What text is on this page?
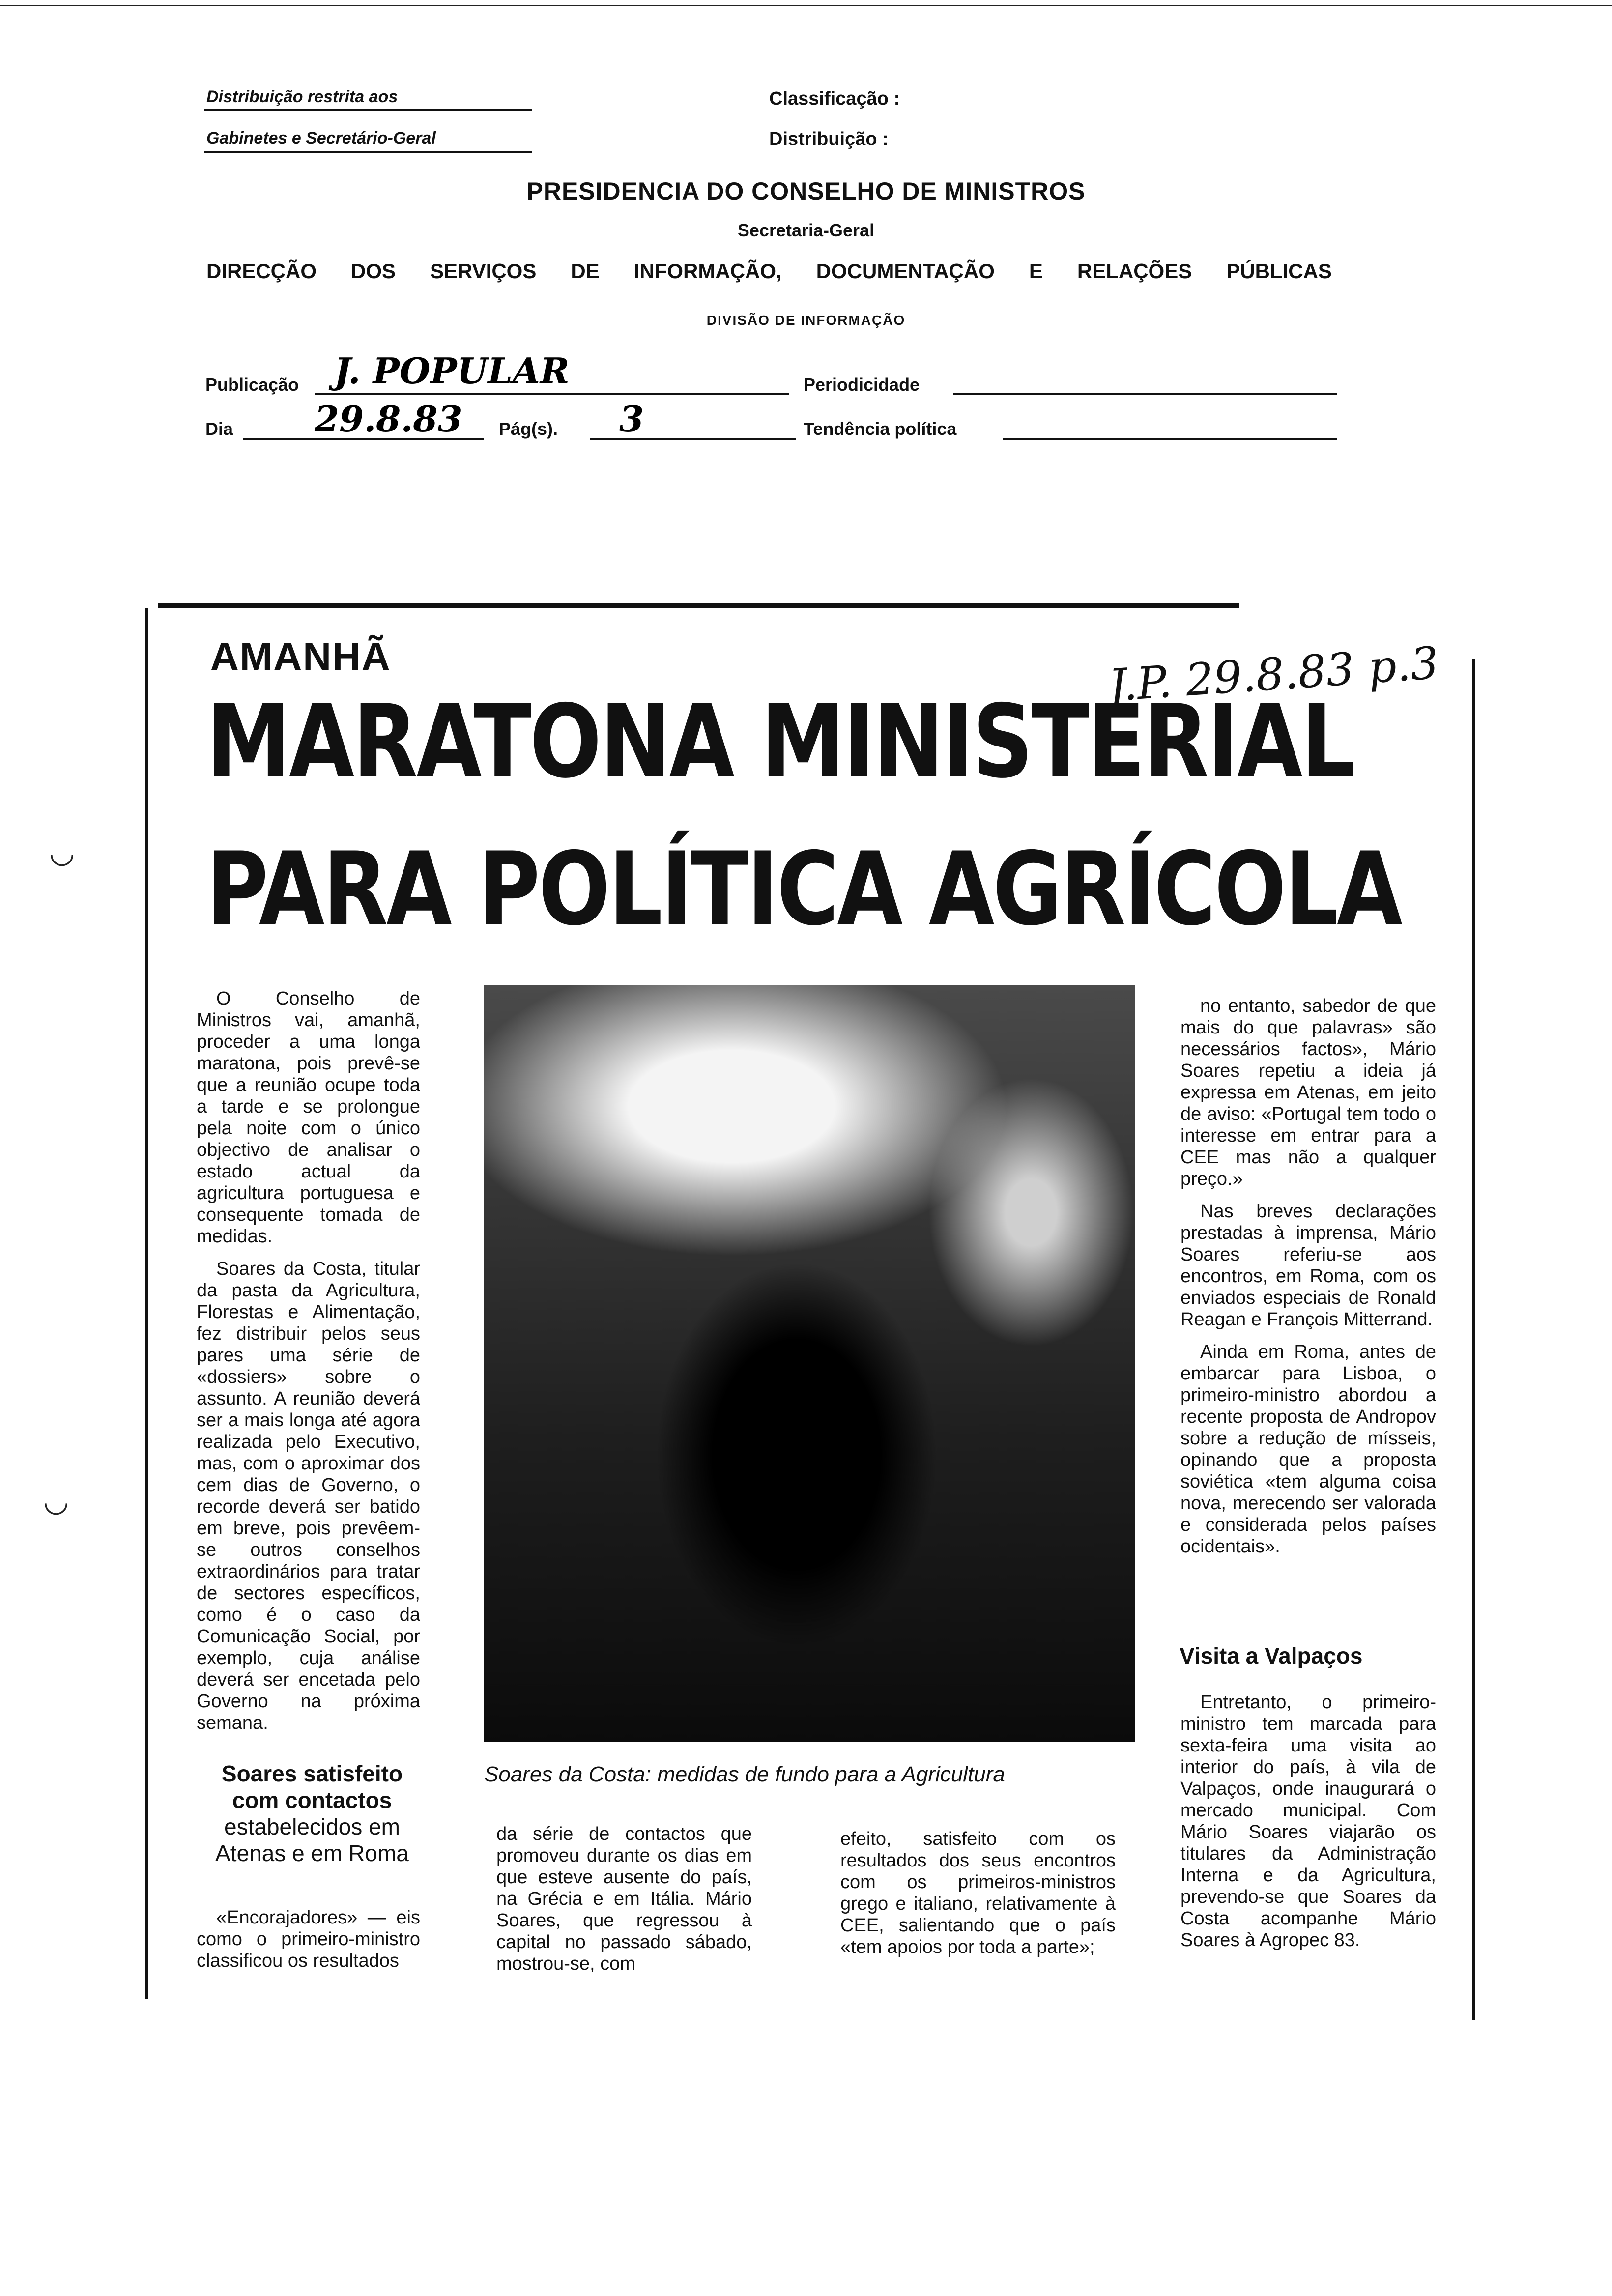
Distribuição restrita aos
Gabinetes e Secretário-Geral
Classificação :
Distribuição :
PRESIDENCIA DO CONSELHO DE MINISTROS
Secretaria-Geral
DIRECÇÃO DOS SERVIÇOS DE INFORMAÇÃO, DOCUMENTAÇÃO E RELAÇÕES PÚBLICAS
DIVISÃO DE INFORMAÇÃO
Publicação J. POPULAR	Periodicidade
Dia 29.8.83 Pág(s). 3	Tendência política
J.P. 29.8.83 p.3
AMANHÃ
MARATONA MINISTERIAL
PARA POLÍTICA AGRÍCOLA

O Conselho de Ministros vai, amanhã, proceder a uma longa maratona, pois prevê-se que a reunião ocupe toda a tarde e se prolongue pela noite com o único objectivo de analisar o estado actual da agricultura portuguesa e consequente tomada de medidas.

Soares da Costa, titular da pasta da Agricultura, Florestas e Alimentação, fez distribuir pelos seus pares uma série de «dossiers» sobre o assunto. A reunião deverá ser a mais longa até agora realizada pelo Executivo, mas, com o aproximar dos cem dias de Governo, o recorde deverá ser batido em breve, pois prevêem-se outros conselhos extraordinários para tratar de sectores específicos, como é o caso da Comunicação Social, por exemplo, cuja análise deverá ser encetada pelo Governo na próxima semana.

Soares da Costa: medidas de fundo para a Agricultura

no entanto, sabedor de que mais do que palavras» são necessários factos», Mário Soares repetiu a ideia já expressa em Atenas, em jeito de aviso: «Portugal tem todo o interesse em entrar para a CEE mas não a qualquer preço.»

Nas breves declarações prestadas à imprensa, Mário Soares referiu-se aos encontros, em Roma, com os enviados especiais de Ronald Reagan e François Mitterrand.

Ainda em Roma, antes de embarcar para Lisboa, o primeiro-ministro abordou a recente proposta de Andropov sobre a redução de mísseis, opinando que a proposta soviética «tem alguma coisa nova, merecendo ser valorada e considerada pelos países ocidentais».

Soares satisfeito com contactos estabelecidos em Atenas e em Roma

«Encorajadores» — eis como o primeiro-ministro classificou os resultados

da série de contactos que promoveu durante os dias em que esteve ausente do país, na Grécia e em Itália. Mário Soares, que regressou à capital no passado sábado, mostrou-se, com

efeito, satisfeito com os resultados dos seus encontros com os primeiros-ministros grego e italiano, relativamente à CEE, salientando que o país «tem apoios por toda a parte»;

Visita a Valpaços

Entretanto, o primeiro-ministro tem marcada para sexta-feira uma visita ao interior do país, à vila de Valpaços, onde inaugurará o mercado municipal. Com Mário Soares viajarão os titulares da Administração Interna e da Agricultura, prevendo-se que Soares da Costa acompanhe Mário Soares à Agropec 83.

◡
◡
